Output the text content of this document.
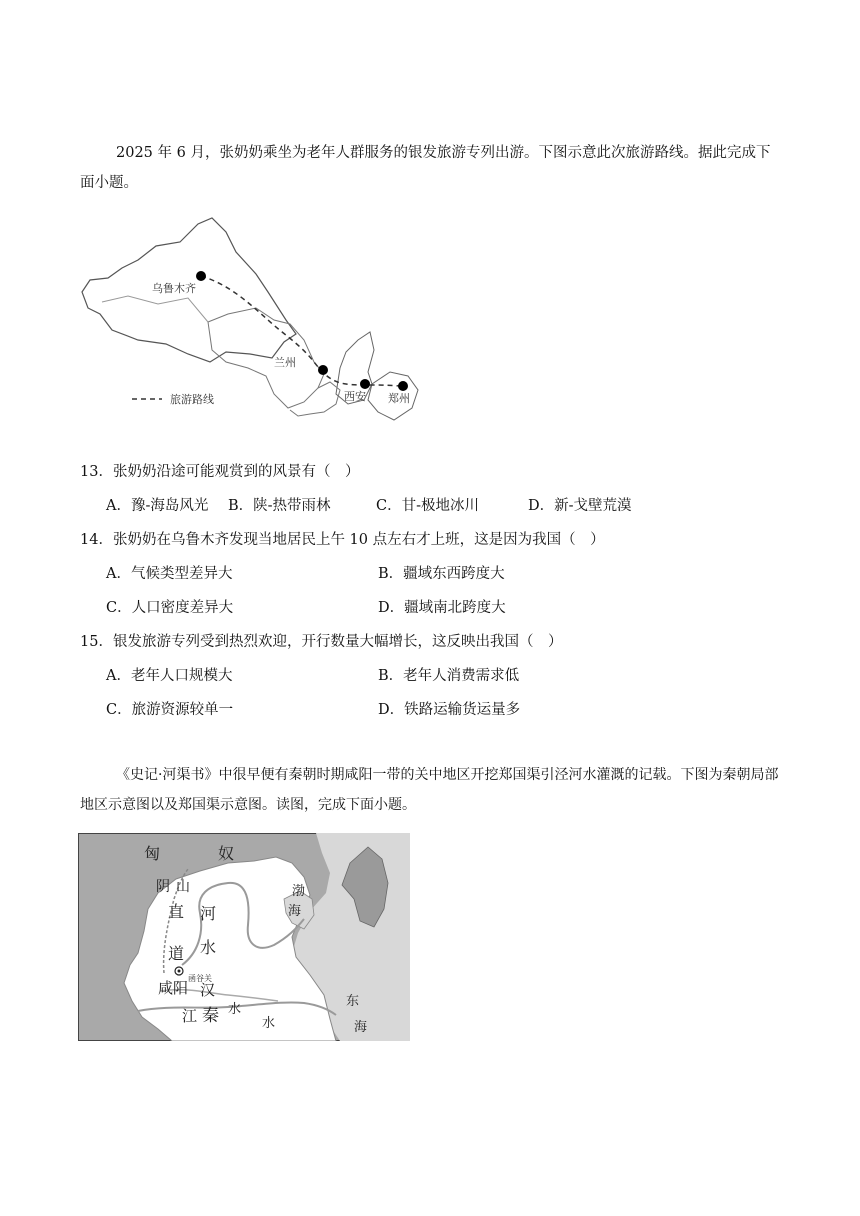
2025 年 6 月，张奶奶乘坐为老年人群服务的银发旅游专列出游。下图示意此次旅游路线。据此完成下面小题。
乌鲁木齐
兰州
西安 郑州
旅游路线
13．张奶奶沿途可能观赏到的风景有（　）
A．豫-海岛风光 B．陕-热带雨林	C．甘-极地冰川	D．新-戈壁荒漠
14．张奶奶在乌鲁木齐发现当地居民上午 10 点左右才上班，这是因为我国（　）
A．气候类型差异大	B．疆域东西跨度大
C．人口密度差异大	D．疆域南北跨度大
15．银发旅游专列受到热烈欢迎，开行数量大幅增长，这反映出我国（　）
A．老年人口规模大	B．老年人消费需求低
C．旅游资源较单一	D．铁路运输货运量多
《史记·河渠书》中很早便有秦朝时期咸阳一带的关中地区开挖郑国渠引泾河水灌溉的记载。下图为秦朝局部地区示意图以及郑国渠示意图。读图，完成下面小题。
匈	奴
阴 山
直
道
河
水
渤
海
函谷关
咸阳 汉
江 秦 水
水
东
海
